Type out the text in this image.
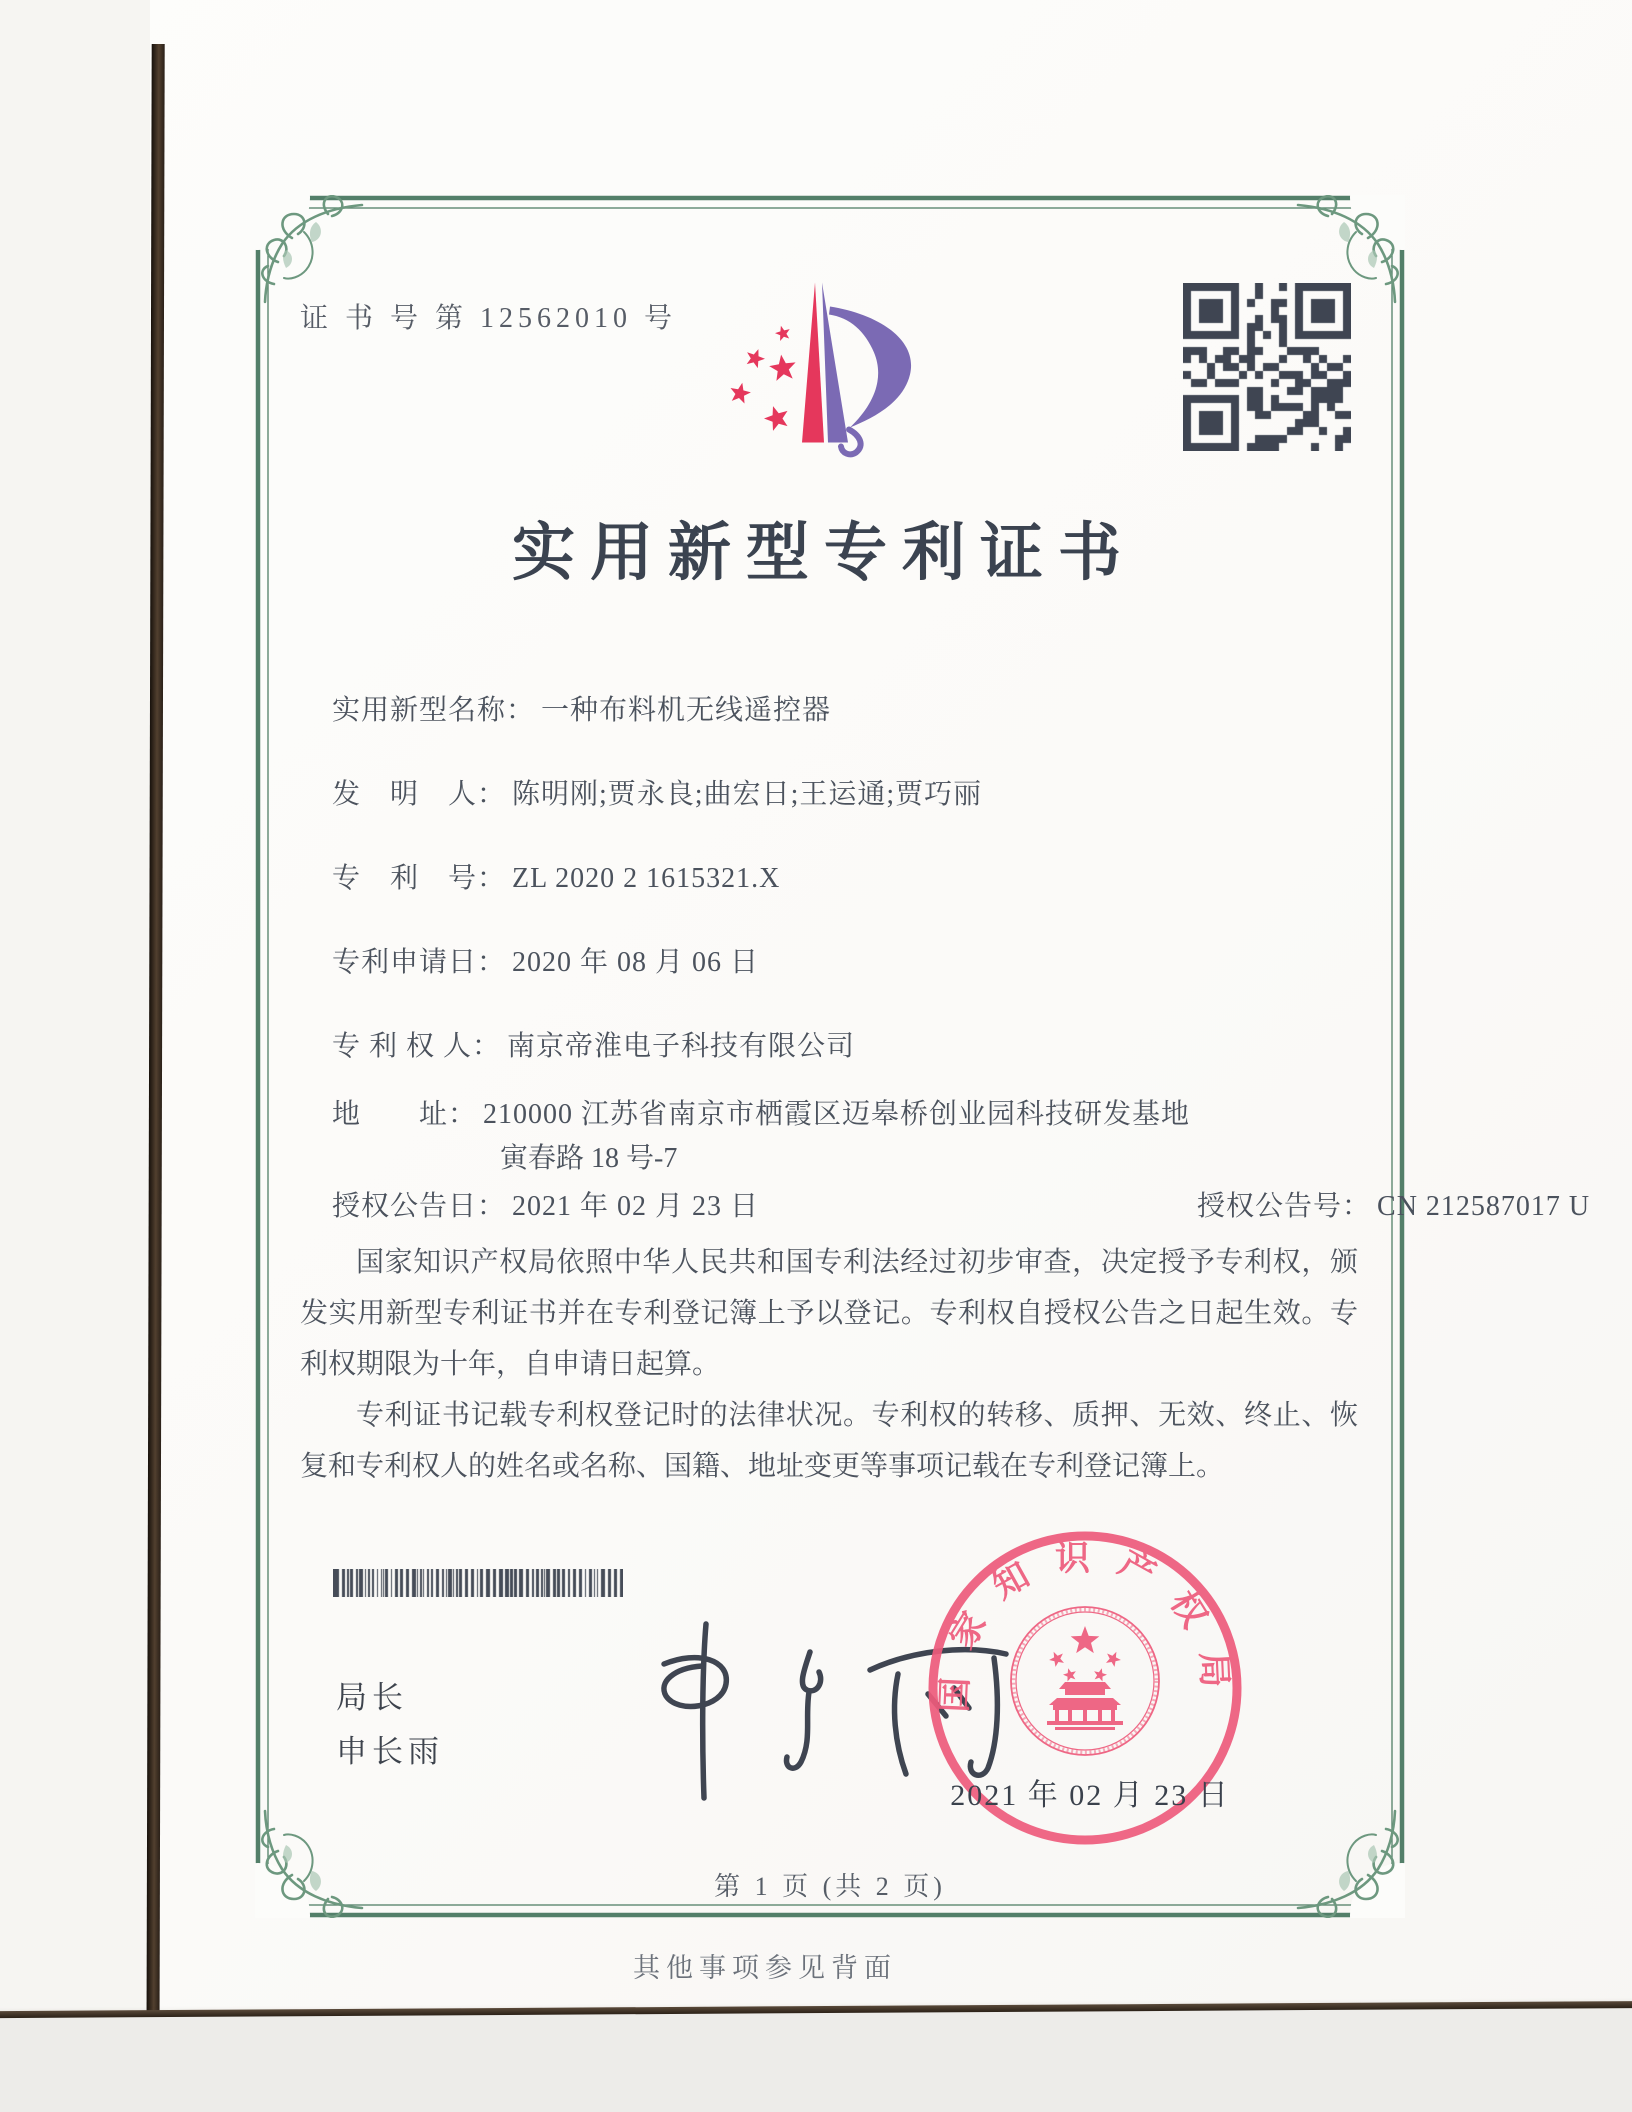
证 书 号 第 12562010 号
实用新型专利证书
实用新型名称： 一种布料机无线遥控器
发　明　人： 陈明刚;贾永良;曲宏日;王运通;贾巧丽
专　利　号： ZL 2020 2 1615321.X
专利申请日： 2020 年 08 月 06 日
专 利 权 人： 南京帝淮电子科技有限公司
地　　址： 210000 江苏省南京市栖霞区迈皋桥创业园科技研发基地
寅春路 18 号-7
授权公告日： 2021 年 02 月 23 日	授权公告号： CN 212587017 U

国家知识产权局依照中华人民共和国专利法经过初步审查，决定授予专利权，颁发实用新型专利证书并在专利登记簿上予以登记。专利权自授权公告之日起生效。专利权期限为十年，自申请日起算。

专利证书记载专利权登记时的法律状况。专利权的转移、质押、无效、终止、恢复和专利权人的姓名或名称、国籍、地址变更等事项记载在专利登记簿上。

局长
申长雨
国家知识产权局
2021 年 02 月 23 日
第 1 页 (共 2 页)
其他事项参见背面
